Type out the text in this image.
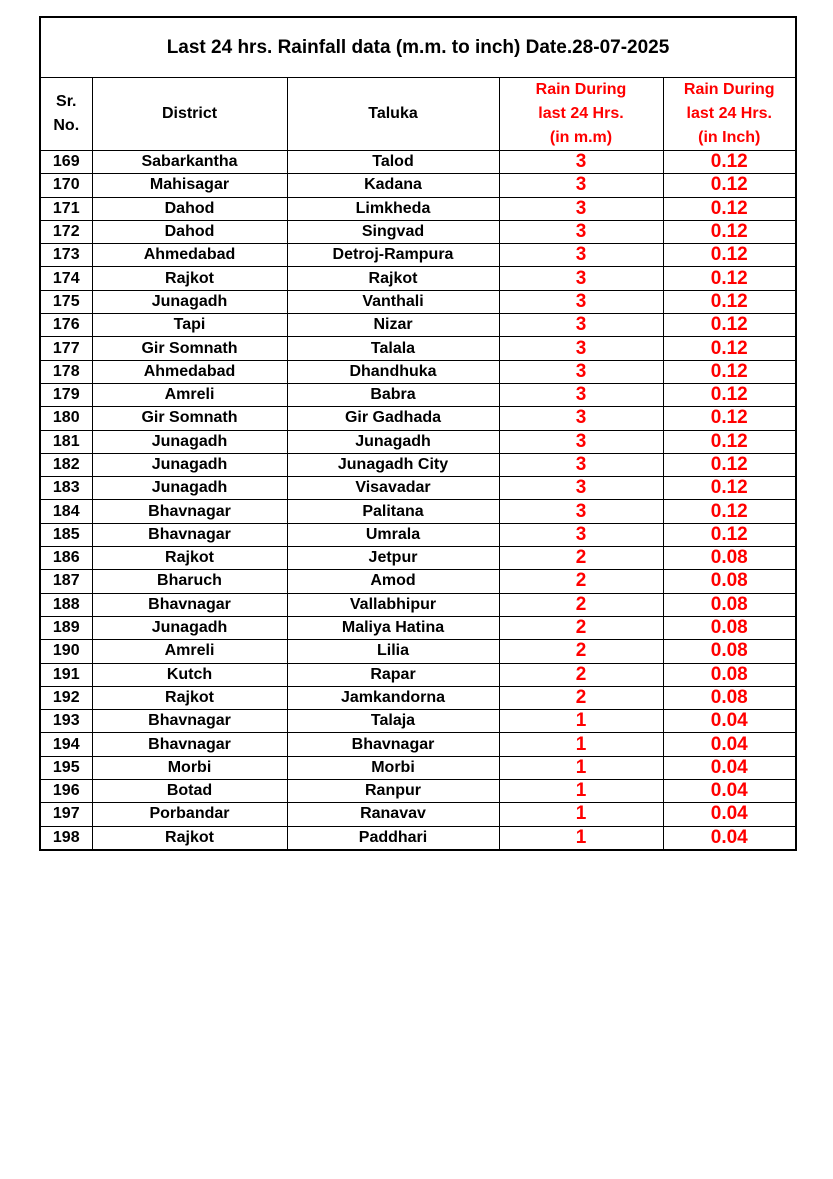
Last 24 hrs. Rainfall data (m.m. to inch) Date.28-07-2025				
Sr.
No.	District	Taluka	Rain During
last 24 Hrs.
(in m.m)	Rain During
last 24 Hrs.
(in Inch)
169	Sabarkantha	Talod	3	0.12
170	Mahisagar	Kadana	3	0.12
171	Dahod	Limkheda	3	0.12
172	Dahod	Singvad	3	0.12
173	Ahmedabad	Detroj-Rampura	3	0.12
174	Rajkot	Rajkot	3	0.12
175	Junagadh	Vanthali	3	0.12
176	Tapi	Nizar	3	0.12
177	Gir Somnath	Talala	3	0.12
178	Ahmedabad	Dhandhuka	3	0.12
179	Amreli	Babra	3	0.12
180	Gir Somnath	Gir Gadhada	3	0.12
181	Junagadh	Junagadh	3	0.12
182	Junagadh	Junagadh City	3	0.12
183	Junagadh	Visavadar	3	0.12
184	Bhavnagar	Palitana	3	0.12
185	Bhavnagar	Umrala	3	0.12
186	Rajkot	Jetpur	2	0.08
187	Bharuch	Amod	2	0.08
188	Bhavnagar	Vallabhipur	2	0.08
189	Junagadh	Maliya Hatina	2	0.08
190	Amreli	Lilia	2	0.08
191	Kutch	Rapar	2	0.08
192	Rajkot	Jamkandorna	2	0.08
193	Bhavnagar	Talaja	1	0.04
194	Bhavnagar	Bhavnagar	1	0.04
195	Morbi	Morbi	1	0.04
196	Botad	Ranpur	1	0.04
197	Porbandar	Ranavav	1	0.04
198	Rajkot	Paddhari	1	0.04
